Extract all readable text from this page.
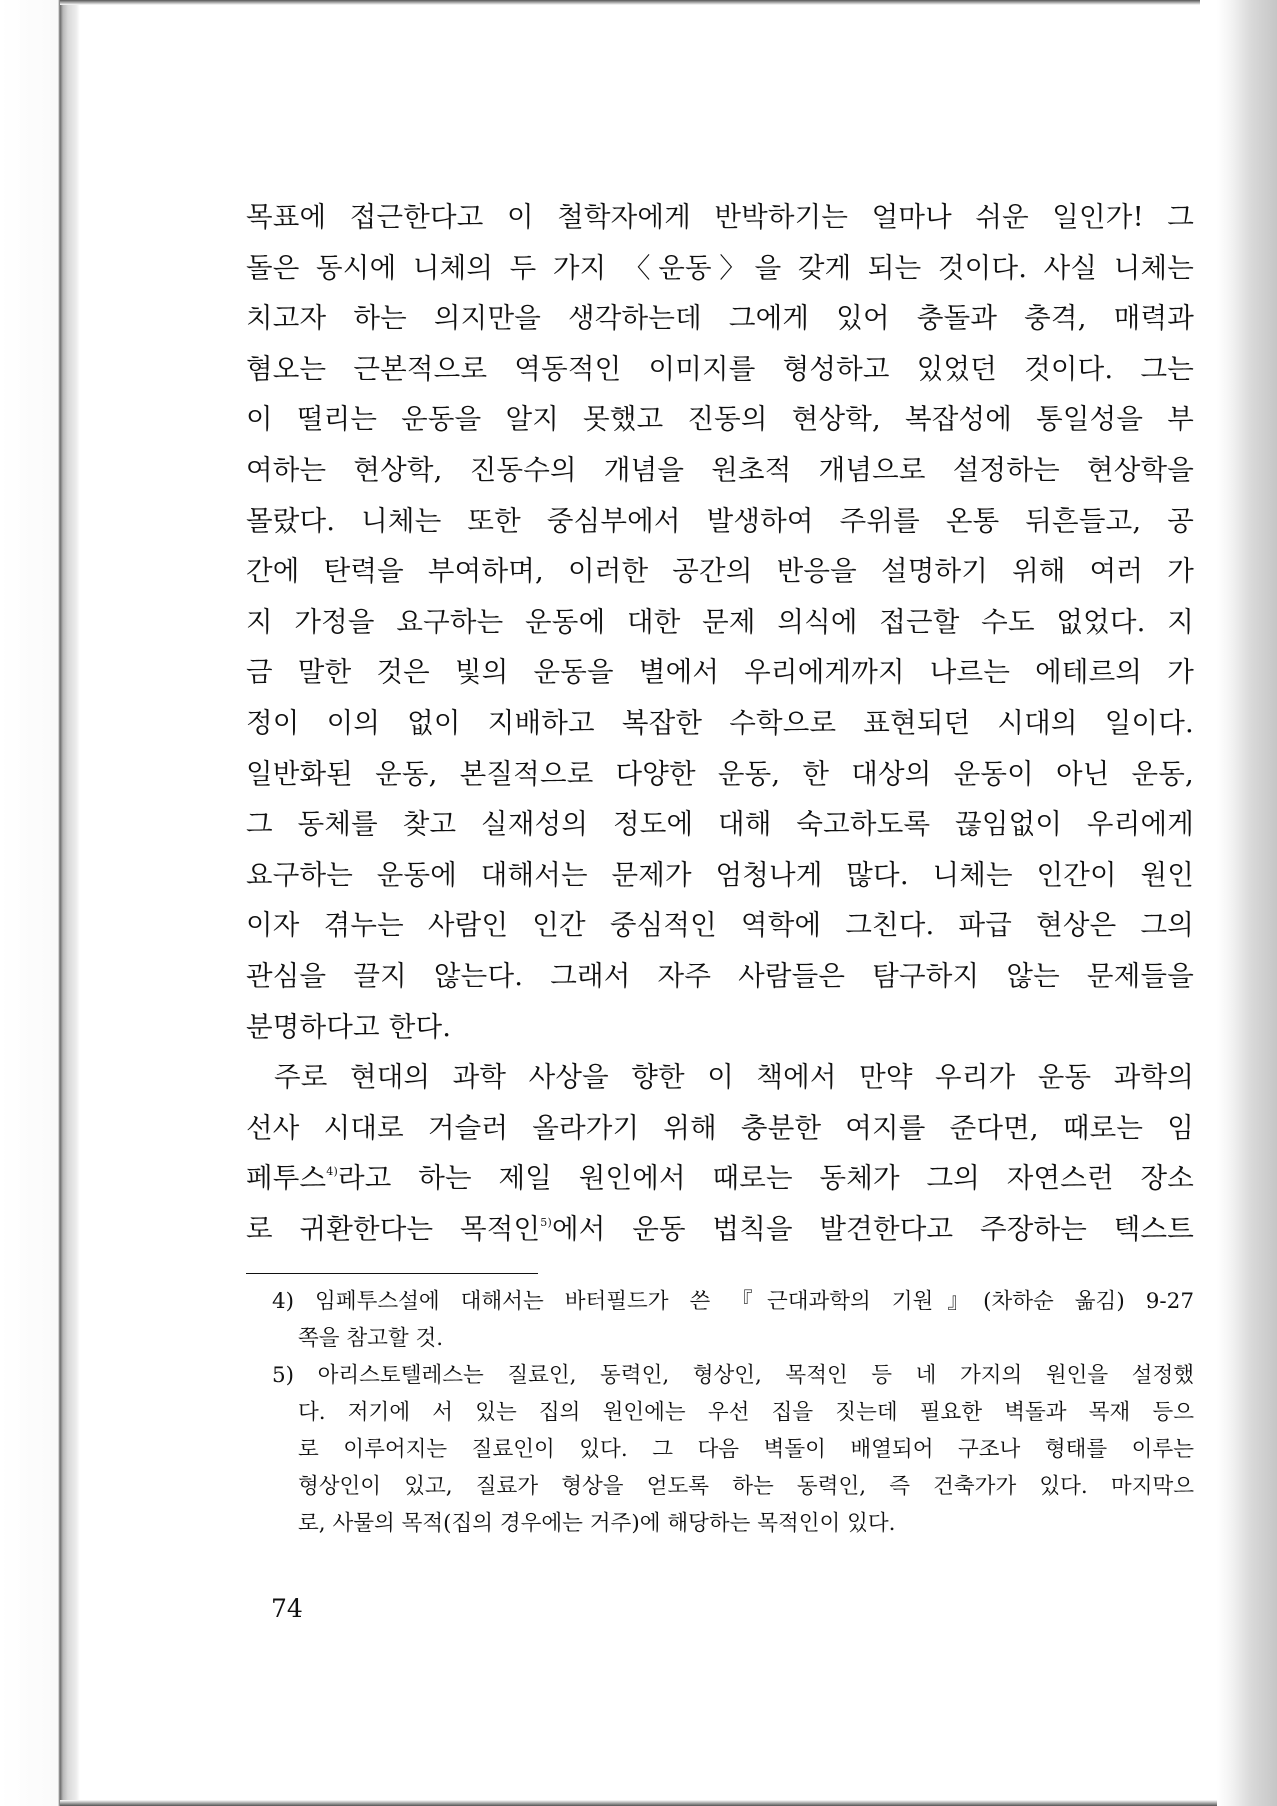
목표에 접근한다고 이 철학자에게 반박하기는 얼마나 쉬운 일인가! 그
돌은 동시에 니체의 두 가지 〈운동〉을 갖게 되는 것이다. 사실 니체는
치고자 하는 의지만을 생각하는데 그에게 있어 충돌과 충격, 매력과
혐오는 근본적으로 역동적인 이미지를 형성하고 있었던 것이다. 그는
이 떨리는 운동을 알지 못했고 진동의 현상학, 복잡성에 통일성을 부
여하는 현상학, 진동수의 개념을 원초적 개념으로 설정하는 현상학을
몰랐다. 니체는 또한 중심부에서 발생하여 주위를 온통 뒤흔들고, 공
간에 탄력을 부여하며, 이러한 공간의 반응을 설명하기 위해 여러 가
지 가정을 요구하는 운동에 대한 문제 의식에 접근할 수도 없었다. 지
금 말한 것은 빛의 운동을 별에서 우리에게까지 나르는 에테르의 가
정이 이의 없이 지배하고 복잡한 수학으로 표현되던 시대의 일이다.
일반화된 운동, 본질적으로 다양한 운동, 한 대상의 운동이 아닌 운동,
그 동체를 찾고 실재성의 정도에 대해 숙고하도록 끊임없이 우리에게
요구하는 운동에 대해서는 문제가 엄청나게 많다. 니체는 인간이 원인
이자 겪누는 사람인 인간 중심적인 역학에 그친다. 파급 현상은 그의
관심을 끌지 않는다. 그래서 자주 사람들은 탐구하지 않는 문제들을
분명하다고 한다.
주로 현대의 과학 사상을 향한 이 책에서 만약 우리가 운동 과학의
선사 시대로 거슬러 올라가기 위해 충분한 여지를 준다면, 때로는 임
페투스$^{4)}$라고 하는 제일 원인에서 때로는 동체가 그의 자연스런 장소
로 귀환한다는 목적인$^{5)}$에서 운동 법칙을 발견한다고 주장하는 텍스트
4) 임페투스설에 대해서는 바터필드가 쓴 『근대과학의 기원』(차하순 옮김) 9-27
쪽을 참고할 것.
5) 아리스토텔레스는 질료인, 동력인, 형상인, 목적인 등 네 가지의 원인을 설정했
다. 저기에 서 있는 집의 원인에는 우선 집을 짓는데 필요한 벽돌과 목재 등으
로 이루어지는 질료인이 있다. 그 다음 벽돌이 배열되어 구조나 형태를 이루는
형상인이 있고, 질료가 형상을 얻도록 하는 동력인, 즉 건축가가 있다. 마지막으
로, 사물의 목적(집의 경우에는 거주)에 해당하는 목적인이 있다.
74
